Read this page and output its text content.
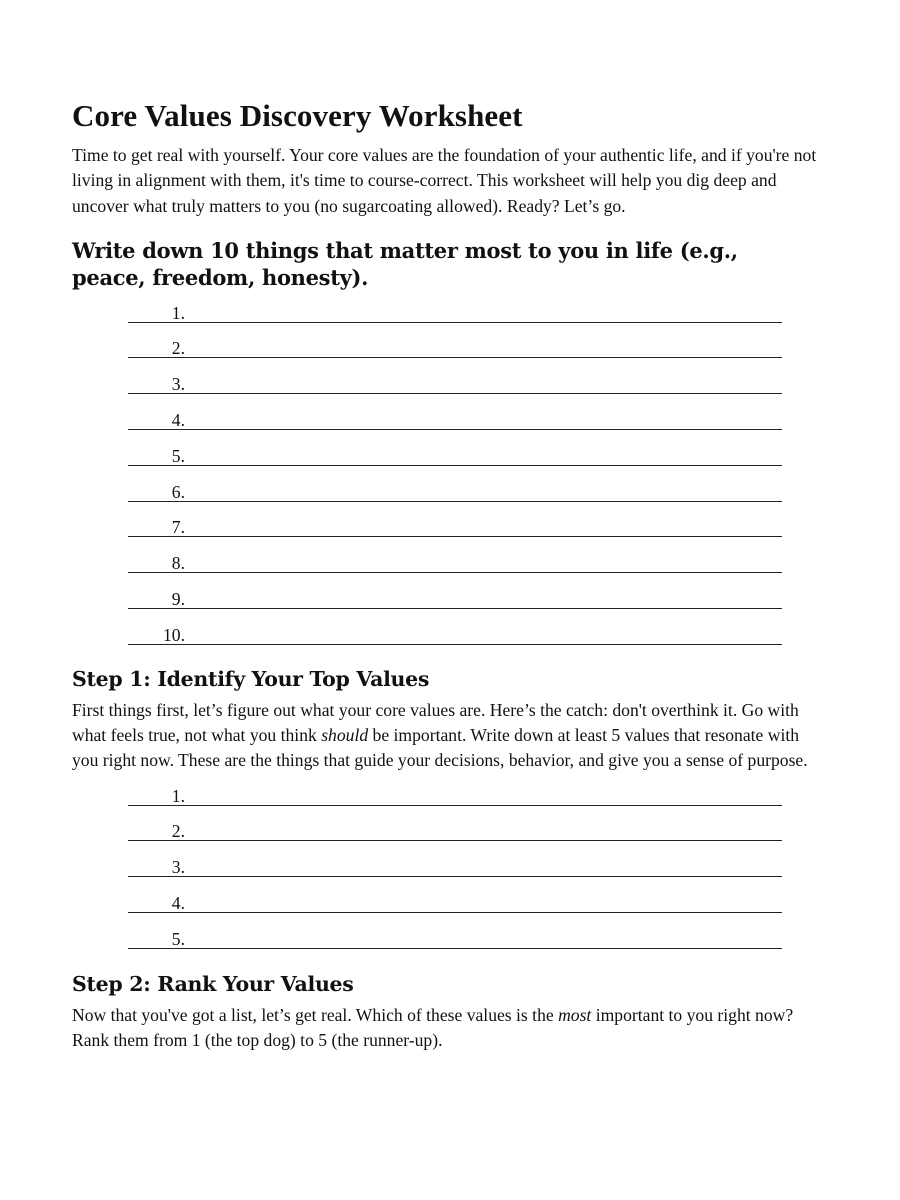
Core Values Discovery Worksheet

Time to get real with yourself. Your core values are the foundation of your authentic life, and if you're not living in alignment with them, it's time to course-correct. This worksheet will help you dig deep and uncover what truly matters to you (no sugarcoating allowed). Ready? Let’s go.

Write down 10 things that matter most to you in life (e.g., peace, freedom, honesty).
1.
2.
3.
4.
5.
6.
7.
8.
9.
10.
Step 1: Identify Your Top Values

First things first, let’s figure out what your core values are. Here’s the catch: don't overthink it. Go with what feels true, not what you think should be important. Write down at least 5 values that resonate with you right now. These are the things that guide your decisions, behavior, and give you a sense of purpose.

1.
2.
3.
4.
5.
Step 2: Rank Your Values

Now that you've got a list, let’s get real. Which of these values is the most important to you right now? Rank them from 1 (the top dog) to 5 (the runner-up).
